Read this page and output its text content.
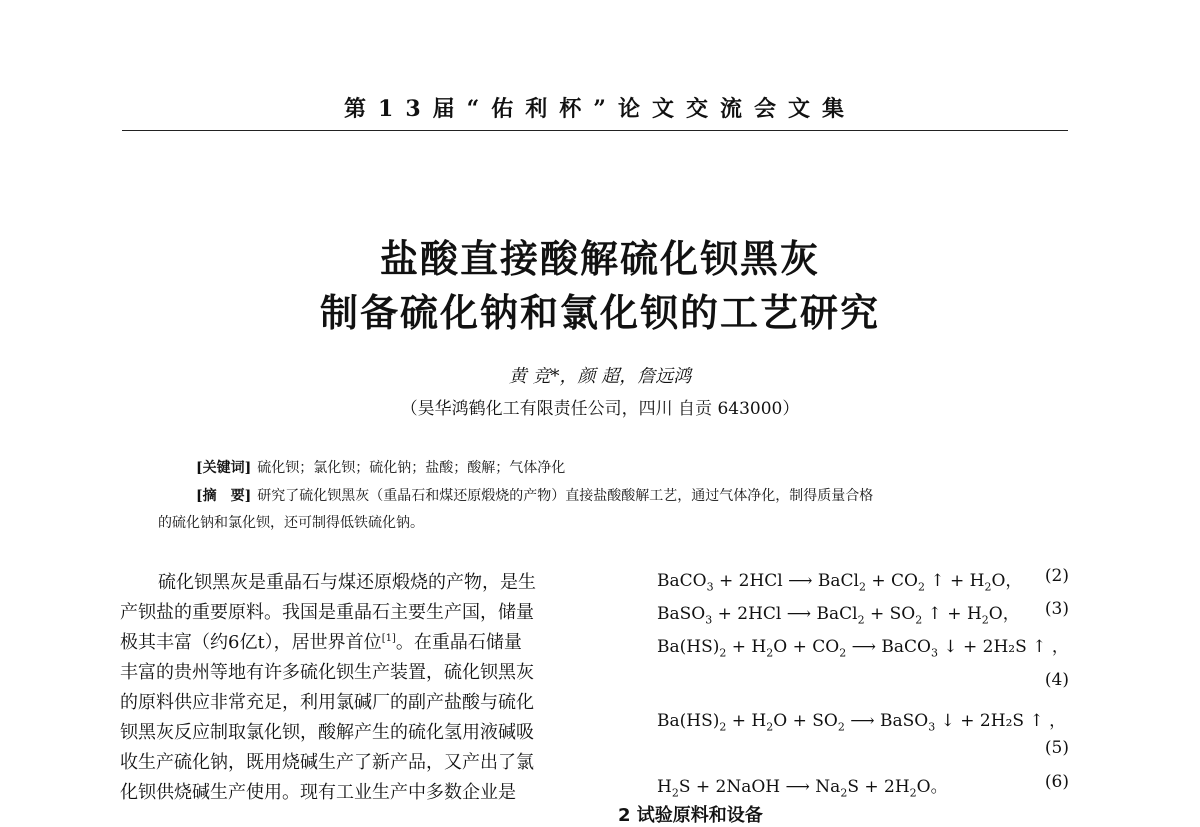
第13届“佑利杯”论文交流会文集
盐酸直接酸解硫化钡黑灰
制备硫化钠和氯化钡的工艺研究
黄 竞*，颜 超，詹远鸿
（昊华鸿鹤化工有限责任公司，四川 自贡 643000）
[关键词] 硫化钡；氯化钡；硫化钠；盐酸；酸解；气体净化
[摘　要] 研究了硫化钡黑灰（重晶石和煤还原煅烧的产物）直接盐酸酸解工艺，通过气体净化，制得质量合格
的硫化钠和氯化钡，还可制得低铁硫化钠。
硫化钡黑灰是重晶石与煤还原煅烧的产物，是生
产钡盐的重要原料。我国是重晶石主要生产国，储量
极其丰富（约6亿t），居世界首位[1]。在重晶石储量
丰富的贵州等地有许多硫化钡生产装置，硫化钡黑灰
的原料供应非常充足，利用氯碱厂的副产盐酸与硫化
钡黑灰反应制取氯化钡，酸解产生的硫化氢用液碱吸
收生产硫化钠，既用烧碱生产了新产品，又产出了氯
化钡供烧碱生产使用。现有工业生产中多数企业是
BaCO$_3$ + 2HCl ⟶ BaCl$_2$ + $CO_2$ ↑ + $H_2O$， (2)
BaSO$_3$ + 2HCl ⟶ BaCl$_2$ + $SO_2$ ↑ + $H_2O$， (3)
$Ba(HS)_2 + H_2O + CO_2$ ⟶ BaCO$_3$ ↓ + 2H₂S ↑ ，
(4)
$Ba(HS)_2 + H_2O + SO_2$ ⟶ BaSO$_3$ ↓ + 2H₂S ↑ ，
(5)
$H_2S$ + 2NaOH ⟶ $Na_2S + 2H_2O$。	(6)
2 试验原料和设备
